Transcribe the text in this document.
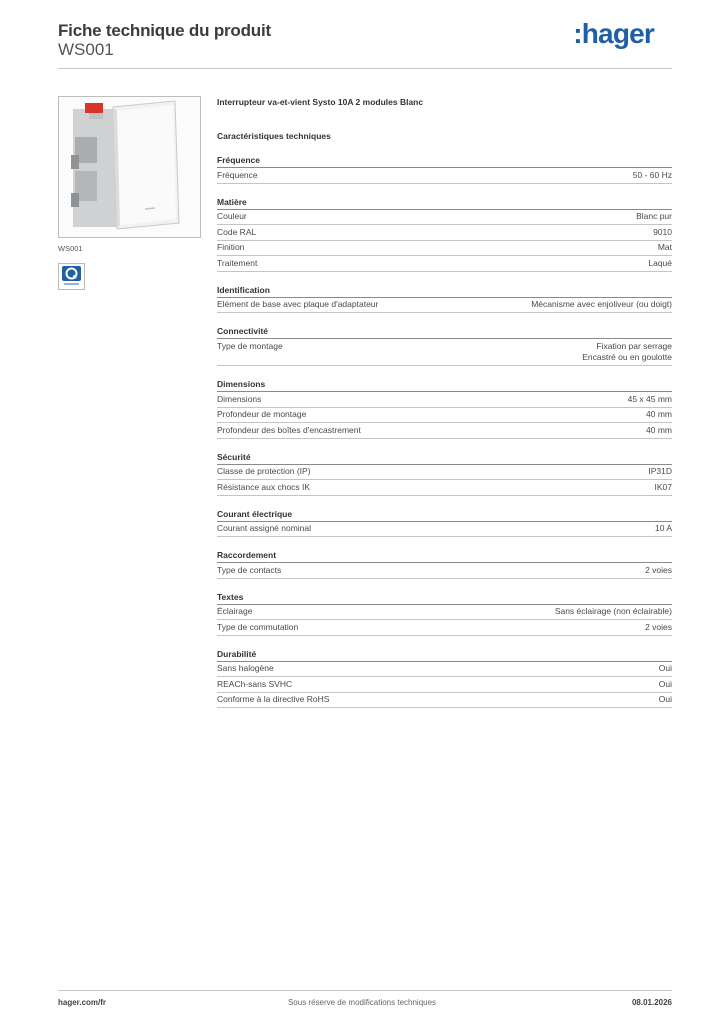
Fiche technique du produit
WS001
:hager
WS001
Interrupteur va-et-vient Systo 10A 2 modules Blanc
Caractéristiques techniques
Fréquence
Fréquence	50 - 60 Hz
Matière
Couleur	Blanc pur
Code RAL	9010
Finition	Mat
Traitement	Laqué
Identification
Elément de base avec plaque d'adaptateur	Mécanisme avec enjoliveur (ou doigt)
Connectivité
Type de montage	Fixation par serrage
Encastré ou en goulotte
Dimensions
Dimensions	45 x 45 mm
Profondeur de montage	40 mm
Profondeur des boîtes d'encastrement	40 mm
Sécurité
Classe de protection (IP)	IP31D
Résistance aux chocs IK	IK07
Courant électrique
Courant assigné nominal	10 A
Raccordement
Type de contacts	2 voies
Textes
Éclairage	Sans éclairage (non éclairable)
Type de commutation	2 voies
Durabilité
Sans halogène	Oui
REACh-sans SVHC	Oui
Conforme à la directive RoHS	Oui
hager.com/fr	Sous réserve de modifications techniques	08.01.2026
